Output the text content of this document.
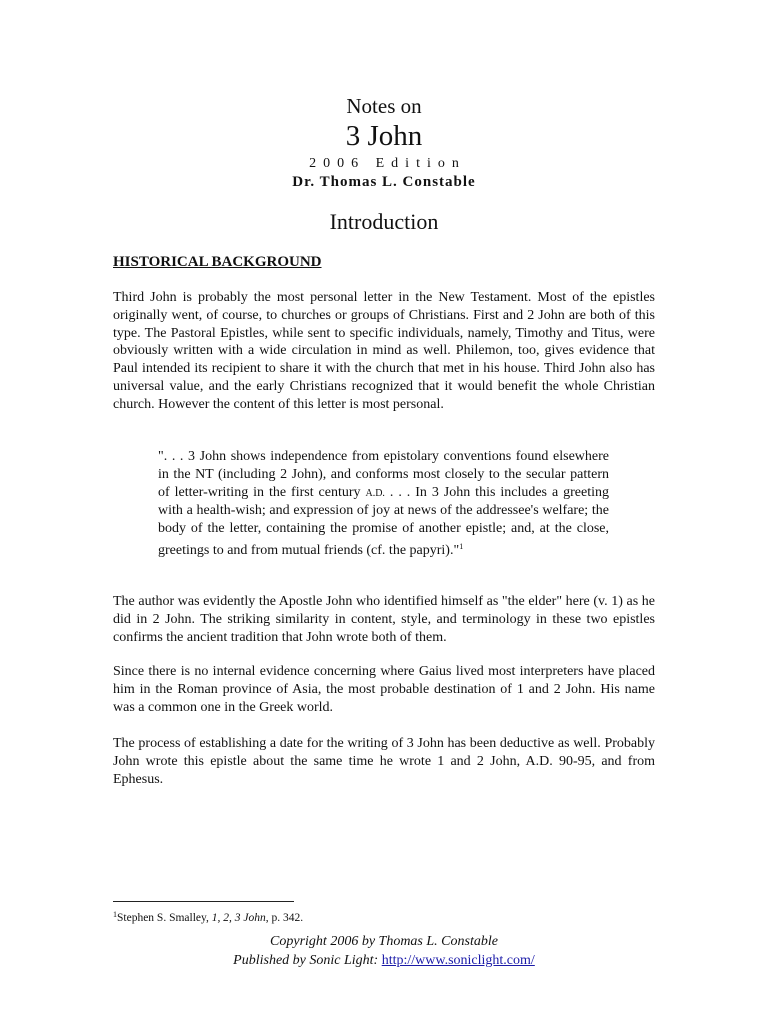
Notes on
3 John
2006 Edition
Dr. Thomas L. Constable
Introduction
HISTORICAL BACKGROUND
Third John is probably the most personal letter in the New Testament. Most of the epistles originally went, of course, to churches or groups of Christians. First and 2 John are both of this type. The Pastoral Epistles, while sent to specific individuals, namely, Timothy and Titus, were obviously written with a wide circulation in mind as well. Philemon, too, gives evidence that Paul intended its recipient to share it with the church that met in his house. Third John also has universal value, and the early Christians recognized that it would benefit the whole Christian church. However the content of this letter is most personal.
". . . 3 John shows independence from epistolary conventions found elsewhere in the NT (including 2 John), and conforms most closely to the secular pattern of letter-writing in the first century A.D. . . . In 3 John this includes a greeting with a health-wish; and expression of joy at news of the addressee's welfare; the body of the letter, containing the promise of another epistle; and, at the close, greetings to and from mutual friends (cf. the papyri)."$^1$
The author was evidently the Apostle John who identified himself as "the elder" here (v. 1) as he did in 2 John. The striking similarity in content, style, and terminology in these two epistles confirms the ancient tradition that John wrote both of them.
Since there is no internal evidence concerning where Gaius lived most interpreters have placed him in the Roman province of Asia, the most probable destination of 1 and 2 John. His name was a common one in the Greek world.
The process of establishing a date for the writing of 3 John has been deductive as well. Probably John wrote this epistle about the same time he wrote 1 and 2 John, A.D. 90-95, and from Ephesus.
$^1$Stephen S. Smalley, 1, 2, 3 John, p. 342.
Copyright 2006 by Thomas L. Constable
Published by Sonic Light: http://www.soniclight.com/
